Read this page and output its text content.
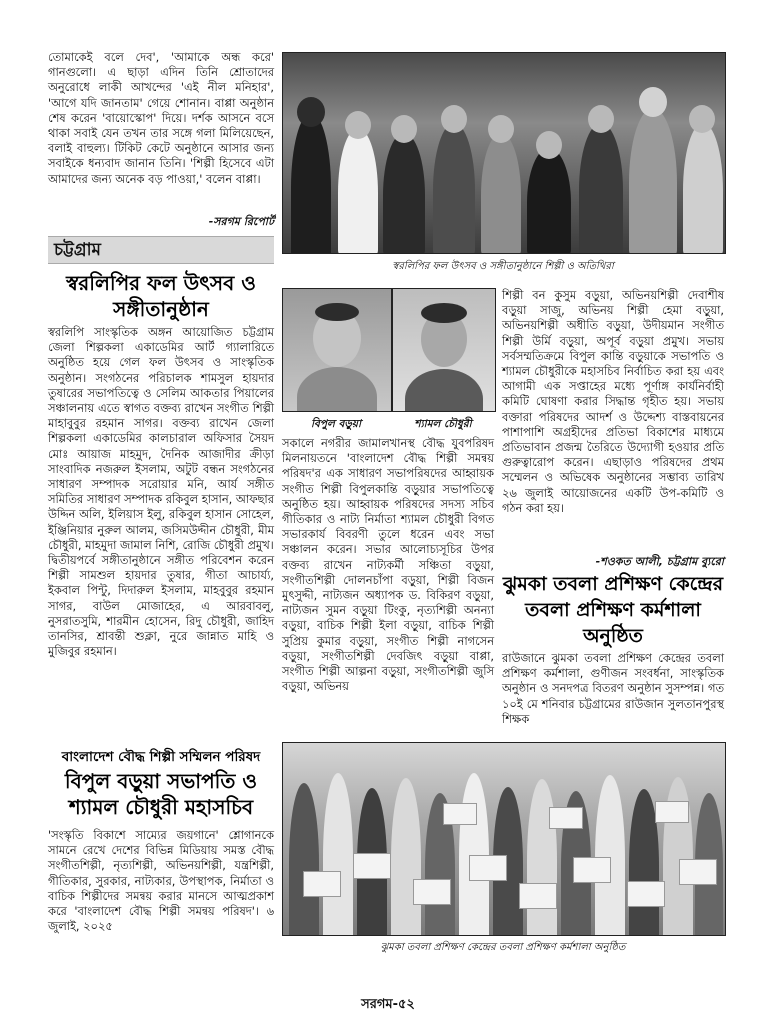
তোমাকেই বলে দেব', 'আমাকে অন্ধ করে' গানগুলো। এ ছাড়া এদিন তিনি শ্রোতাদের অনুরোধে লাকী আখন্দের 'এই নীল মনিহার', 'আগে যদি জানতাম' গেয়ে শোনান। বাপ্পা অনুষ্ঠান শেষ করেন 'বায়োস্কোপ' দিয়ে। দর্শক আসনে বসে থাকা সবাই যেন তখন তার সঙ্গে গলা মিলিয়েছেন, বলাই বাহুল্য। টিকিট কেটে অনুষ্ঠানে আসার জন্য সবাইকে ধন্যবাদ জানান তিনি। 'শিল্পী হিসেবে এটা আমাদের জন্য অনেক বড় পাওয়া,' বলেন বাপ্পা।

-সরগম রিপোর্ট
চট্টগ্রাম
স্বরলিপির ফল উৎসব ও সঙ্গীতানুষ্ঠান

স্বরলিপি সাংস্কৃতিক অঙ্গন আয়োজিত চট্টগ্রাম জেলা শিল্পকলা একাডেমির আর্ট গ্যালারিতে অনুষ্ঠিত হয়ে গেল ফল উৎসব ও সাংস্কৃতিক অনুষ্ঠান। সংগঠনের পরিচালক শামসুল হায়দার তুষারের সভাপতিত্বে ও সেলিম আকতার পিয়ালের সঞ্চালনায় এতে স্বাগত বক্তব্য রাখেন সংগীত শিল্পী মাহাবুবুর রহমান সাগর। বক্তব্য রাখেন জেলা শিল্পকলা একাডেমির কালচারাল অফিসার সৈয়দ মোঃ আয়াজ মাহমুদ, দৈনিক আজাদীর ক্রীড়া সাংবাদিক নজরুল ইসলাম, অটুট বন্ধন সংগঠনের সাধারণ সম্পাদক সরোয়ার মনি, আর্য সঙ্গীত সমিতির সাধারণ সম্পাদক রকিবুল হাসান, আফছার উদ্দিন অলি, ইলিয়াস ইলু, রকিবুল হাসান সোহেল, ইঞ্জিনিয়ার নুরুল আলম, জসিমউদ্দীন চৌধুরী, মীম চৌধুরী, মাহমুদা জামাল নিশি, রোজি চৌধুরী প্রমুখ।

দ্বিতীয়পর্বে সঙ্গীতানুষ্ঠানে সঙ্গীত পরিবেশন করেন শিল্পী সামশুল হায়দার তুষার, গীতা আচার্য্য, ইকবাল পিন্টু, দিদারুল ইসলাম, মাহবুবুর রহমান সাগর, বাউল মোজাহের, এ আরবাবলু, নুসরাতসুমি, শারমীন হোসেন, রিদু চৌধুরী, জাহিদ তানসির, শ্রাবন্তী শুক্লা, নুরে জান্নাত মাহি ও মুজিবুর রহমান।

বাংলাদেশ বৌদ্ধ শিল্পী সম্মিলন পরিষদ
বিপুল বড়ুয়া সভাপতি ও শ্যামল চৌধুরী মহাসচিব

'সংস্কৃতি বিকাশে সাম্যের জয়গানে' শ্লোগানকে সামনে রেখে দেশের বিভিন্ন মিডিয়ায় সমস্ত বৌদ্ধ সংগীতশিল্পী, নৃত্যশিল্পী, অভিনয়শিল্পী, যন্ত্রশিল্পী, গীতিকার, সুরকার, নাট্যকার, উপস্থাপক, নির্মাতা ও বাচিক শিল্পীদের সমন্বয় করার মানসে আত্মপ্রকাশ করে 'বাংলাদেশ বৌদ্ধ শিল্পী সমন্বয় পরিষদ'। ৬ জুলাই, ২০২৫

স্বরলিপির ফল উৎসব ও সঙ্গীতানুষ্ঠানে শিল্পী ও অতিথিরা
বিপুল বড়ুয়া	শ্যামল চৌধুরী

সকালে নগরীর জামালখানস্থ বৌদ্ধ যুবপরিষদ মিলনায়তনে 'বাংলাদেশ বৌদ্ধ শিল্পী সমন্বয় পরিষদ'র এক সাধারণ সভাপরিষদের আহ্বায়ক সংগীত শিল্পী বিপুলকান্তি বড়ুয়ার সভাপতিত্বে অনুষ্ঠিত হয়। আহ্বায়ক পরিষদের সদস্য সচিব গীতিকার ও নাট্য নির্মাতা শ্যামল চৌধুরী বিগত সভারকার্য বিবরণী তুলে ধরেন এবং সভা সঞ্চালন করেন। সভার আলোচ্যসূচির উপর বক্তব্য রাখেন নাট্যকর্মী সঞ্চিতা বড়ুয়া, সংগীতশিল্পী দোলনচাঁপা বড়ুয়া, শিল্পী বিজন মুৎসুদ্দী, নাট্যজন অধ্যাপক ড. বিকিরণ বড়ুয়া, নাট্যজন সুমন বড়ুয়া টিংকু, নৃত্যশিল্পী অনন্যা বড়ুয়া, বাচিক শিল্পী ইলা বড়ুয়া, বাচিক শিল্পী সুপ্রিয় কুমার বড়ুয়া, সংগীত শিল্পী নাগসেন বড়ুয়া, সংগীতশিল্পী দেবজিৎ বড়ুয়া বাপ্পা, সংগীত শিল্পী আল্পনা বড়ুয়া, সংগীতশিল্পী জুসি বড়ুয়া, অভিনয়

শিল্পী বন কুসুম বড়ুয়া, অভিনয়শিল্পী দেবাশীষ বড়ুয়া সাজু, অভিনয় শিল্পী হেমা বড়ুয়া, অভিনয়শিল্পী অধীতি বড়ুয়া, উদীয়মান সংগীত শিল্পী উর্মি বড়ুয়া, অপূর্ব বড়ুয়া প্রমুখ। সভায় সর্বসম্মতিক্রমে বিপুল কান্তি বড়ুয়াকে সভাপতি ও শ্যামল চৌধুরীকে মহাসচিব নির্বাচিত করা হয় এবং আগামী এক সপ্তাহের মধ্যে পূর্ণাঙ্গ কার্যনির্বাহী কমিটি ঘোষণা করার সিদ্ধান্ত গৃহীত হয়। সভায় বক্তারা পরিষদের আদর্শ ও উদ্দেশ্য বাস্তবায়নের পাশাপাশি অগ্রহীদের প্রতিভা বিকাশের মাধ্যমে প্রতিভাবান প্রজন্ম তৈরিতে উদ্যোগী হওয়ার প্রতি গুরুত্বারোপ করেন। এছাড়াও পরিষদের প্রথম সম্মেলন ও অভিষেক অনুষ্ঠানের সম্ভাব্য তারিখ ২৬ জুলাই আয়োজনের একটি উপ-কমিটি ও গঠন করা হয়।

-শওকত আলী, চট্টগ্রাম ব্যুরো
ঝুমকা তবলা প্রশিক্ষণ কেন্দ্রের তবলা প্রশিক্ষণ কর্মশালা অনুষ্ঠিত

রাউজানে ঝুমকা তবলা প্রশিক্ষণ কেন্দ্রের তবলা প্রশিক্ষণ কর্মশালা, গুণীজন সংবর্ধনা, সাংস্কৃতিক অনুষ্ঠান ও সনদপত্র বিতরণ অনুষ্ঠান সুসম্পন্ন। গত ১০ই মে শনিবার চট্টগ্রামের রাউজান সুলতানপুরস্থ শিক্ষক

ঝুমকা তবলা প্রশিক্ষণ কেন্দ্রের তবলা প্রশিক্ষণ কর্মশালা অনুষ্ঠিত
সরগম-৫২
